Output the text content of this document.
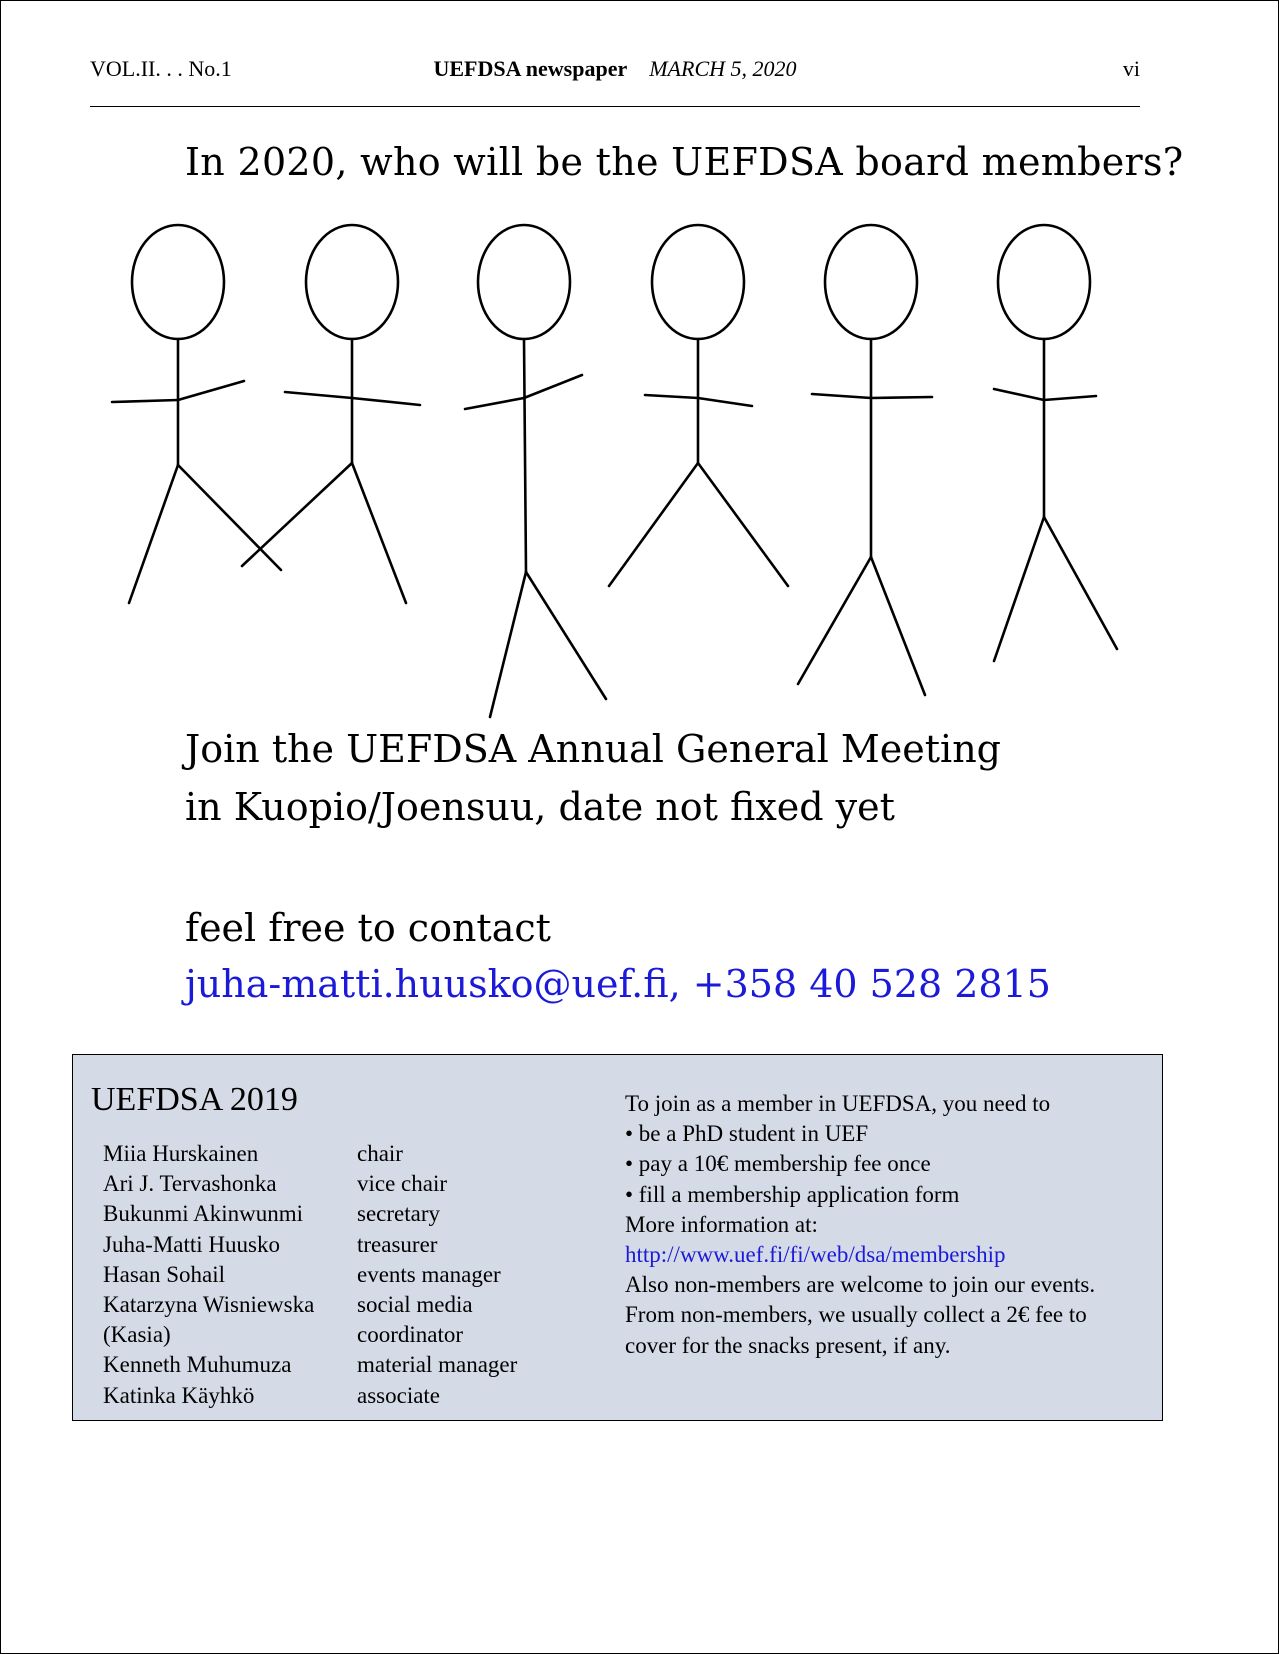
VOL.II. . . No.1	UEFDSA newspaper MARCH 5, 2020	vi
In 2020, who will be the UEFDSA board members?
Join the UEFDSA Annual General Meeting
in Kuopio/Joensuu, date not fixed yet
feel free to contact
juha-matti.huusko@uef.fi, +358 40 528 2815
UEFDSA 2019
Miia Hurskainen	chair
Ari J. Tervashonka	vice chair
Bukunmi Akinwunmi	secretary
Juha-Matti Huusko	treasurer
Hasan Sohail	events manager
Katarzyna Wisniewska	social media
(Kasia)	coordinator
Kenneth Muhumuza	material manager
Katinka Käyhkö	associate
To join as a member in UEFDSA, you need to
• be a PhD student in UEF
• pay a 10€ membership fee once
• fill a membership application form
More information at:
http://www.uef.fi/fi/web/dsa/membership
Also non-members are welcome to join our events.
From non-members, we usually collect a 2€ fee to
cover for the snacks present, if any.
